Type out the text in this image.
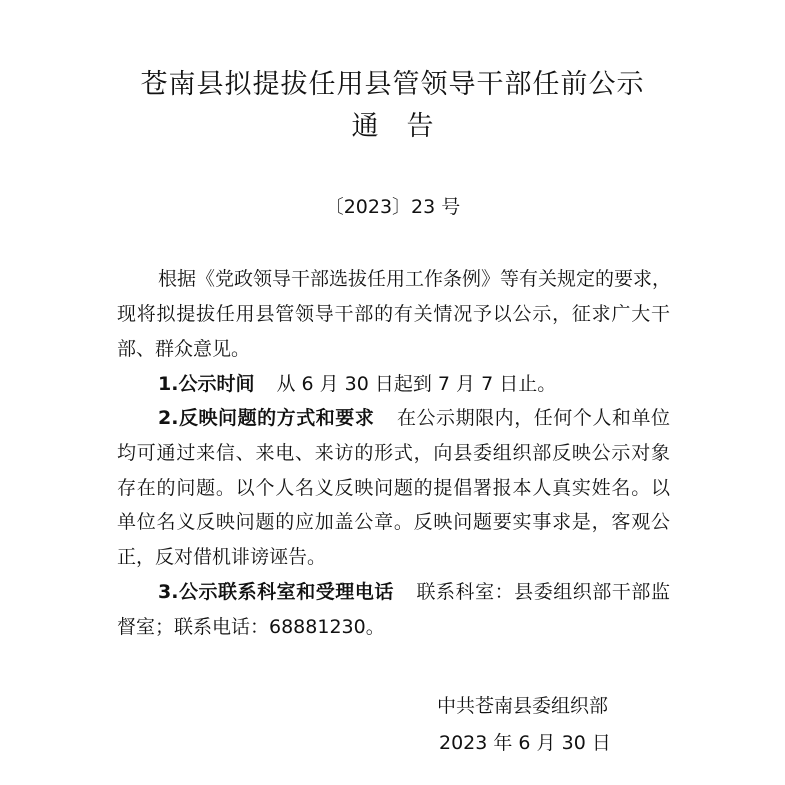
苍南县拟提拔任用县管领导干部任前公示
通 告
〔2023〕23 号
根据《党政领导干部选拔任用工作条例》等有关规定的要求，
现将拟提拔任用县管领导干部的有关情况予以公示，征求广大干
部、群众意见。
1.公示时间 从 6 月 30 日起到 7 月 7 日止。
2.反映问题的方式和要求 在公示期限内，任何个人和单位
均可通过来信、来电、来访的形式，向县委组织部反映公示对象
存在的问题。以个人名义反映问题的提倡署报本人真实姓名。以
单位名义反映问题的应加盖公章。反映问题要实事求是，客观公
正，反对借机诽谤诬告。
3.公示联系科室和受理电话 联系科室：县委组织部干部监
督室；联系电话：68881230。
中共苍南县委组织部
2023 年 6 月 30 日
